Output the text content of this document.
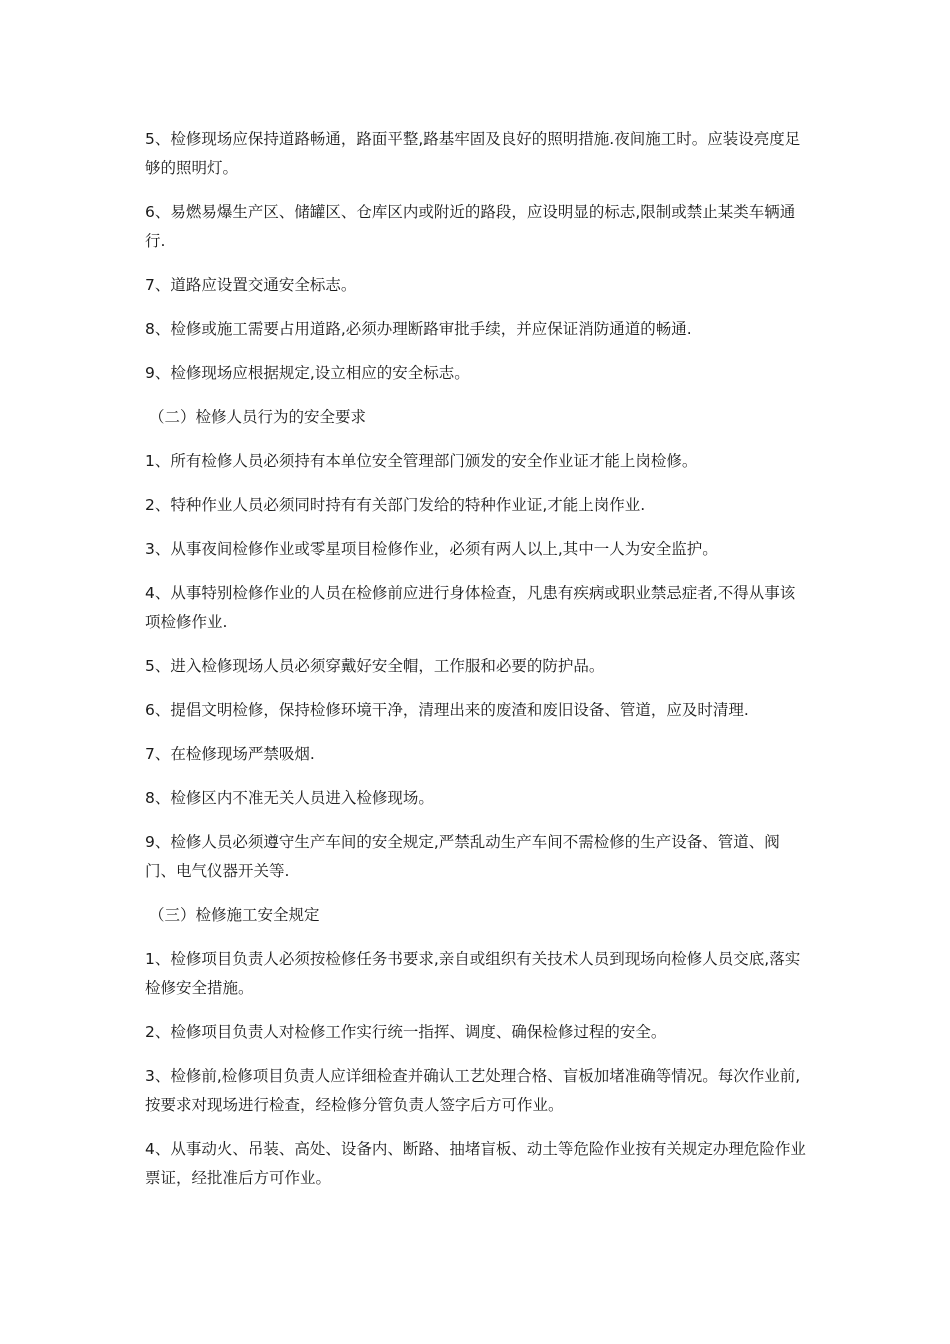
5、检修现场应保持道路畅通，路面平整,路基牢固及良好的照明措施.夜间施工时。应装设亮度足够的照明灯。

6、易燃易爆生产区、储罐区、仓库区内或附近的路段，应设明显的标志,限制或禁止某类车辆通行.

7、道路应设置交通安全标志。

8、检修或施工需要占用道路,必须办理断路审批手续，并应保证消防通道的畅通.

9、检修现场应根据规定,设立相应的安全标志。

（二）检修人员行为的安全要求

1、所有检修人员必须持有本单位安全管理部门颁发的安全作业证才能上岗检修。

2、特种作业人员必须同时持有有关部门发给的特种作业证,才能上岗作业.

3、从事夜间检修作业或零星项目检修作业，必须有两人以上,其中一人为安全监护。

4、从事特别检修作业的人员在检修前应进行身体检查，凡患有疾病或职业禁忌症者,不得从事该项检修作业.

5、进入检修现场人员必须穿戴好安全帽，工作服和必要的防护品。

6、提倡文明检修，保持检修环境干净，清理出来的废渣和废旧设备、管道，应及时清理.

7、在检修现场严禁吸烟.

8、检修区内不准无关人员进入检修现场。

9、检修人员必须遵守生产车间的安全规定,严禁乱动生产车间不需检修的生产设备、管道、阀门、电气仪器开关等.

（三）检修施工安全规定

1、检修项目负责人必须按检修任务书要求,亲自或组织有关技术人员到现场向检修人员交底,落实检修安全措施。

2、检修项目负责人对检修工作实行统一指挥、调度、确保检修过程的安全。

3、检修前,检修项目负责人应详细检查并确认工艺处理合格、盲板加堵准确等情况。每次作业前,按要求对现场进行检查，经检修分管负责人签字后方可作业。

4、从事动火、吊装、高处、设备内、断路、抽堵盲板、动土等危险作业按有关规定办理危险作业票证，经批准后方可作业。
